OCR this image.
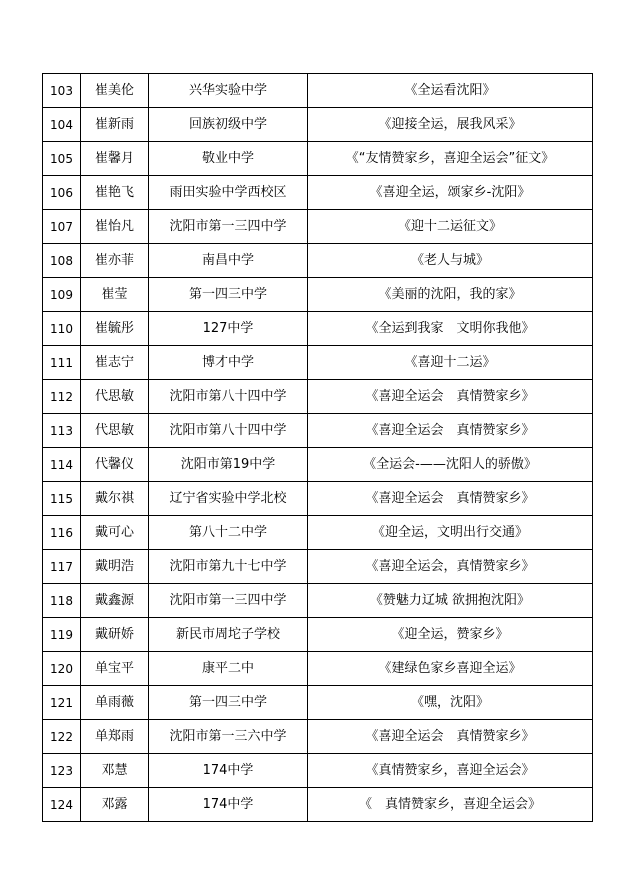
103	崔美伦	兴华实验中学	《全运看沈阳》
104	崔新雨	回族初级中学	《迎接全运，展我风采》
105	崔馨月	敬业中学	《“友情赞家乡，喜迎全运会”征文》
106	崔艳飞	雨田实验中学西校区	《喜迎全运，颂家乡-沈阳》
107	崔怡凡	沈阳市第一三四中学	《迎十二运征文》
108	崔亦菲	南昌中学	《老人与城》
109	崔莹	第一四三中学	《美丽的沈阳，我的家》
110	崔毓彤	127中学	《全运到我家　文明你我他》
111	崔志宁	博才中学	《喜迎十二运》
112	代思敏	沈阳市第八十四中学	《喜迎全运会　真情赞家乡》
113	代思敏	沈阳市第八十四中学	《喜迎全运会　真情赞家乡》
114	代馨仪	沈阳市第19中学	《全运会-——沈阳人的骄傲》
115	戴尔祺	辽宁省实验中学北校	《喜迎全运会　真情赞家乡》
116	戴可心	第八十二中学	《迎全运，文明出行交通》
117	戴明浩	沈阳市第九十七中学	《喜迎全运会，真情赞家乡》
118	戴鑫源	沈阳市第一三四中学	《赞魅力辽城 欲拥抱沈阳》
119	戴研娇	新民市周坨子学校	《迎全运，赞家乡》
120	单宝平	康平二中	《建绿色家乡喜迎全运》
121	单雨薇	第一四三中学	《嘿，沈阳》
122	单郑雨	沈阳市第一三六中学	《喜迎全运会　真情赞家乡》
123	邓慧	174中学	《真情赞家乡，喜迎全运会》
124	邓露	174中学	《　真情赞家乡，喜迎全运会》
